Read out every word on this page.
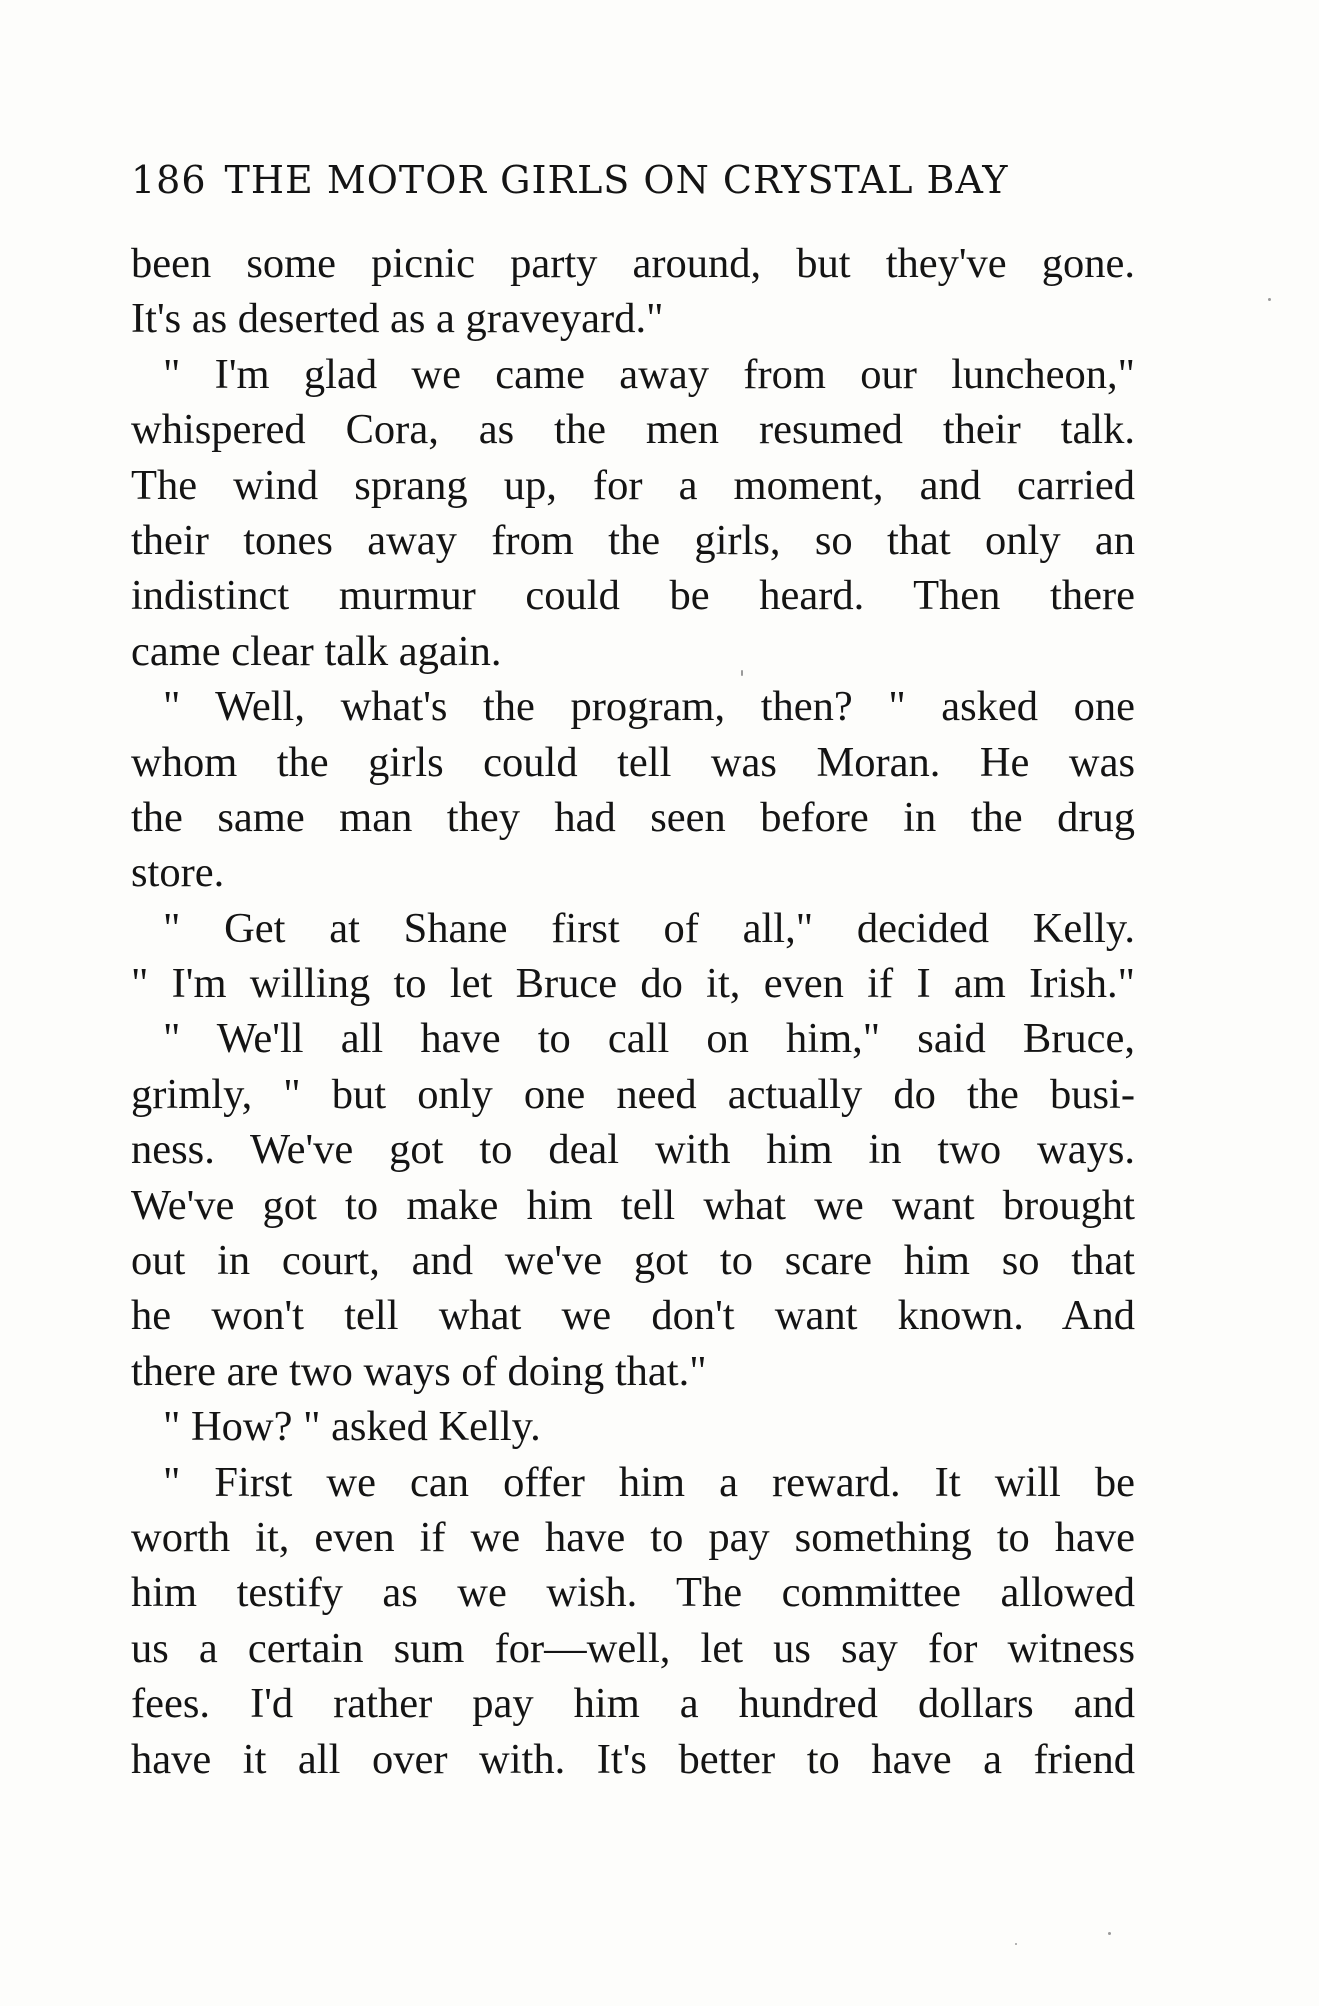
186 THE MOTOR GIRLS ON CRYSTAL BAY
been some picnic party around, but they've gone.
It's as deserted as a graveyard."
" I'm glad we came away from our luncheon,"
whispered Cora, as the men resumed their talk.
The wind sprang up, for a moment, and carried
their tones away from the girls, so that only an
indistinct murmur could be heard. Then there
came clear talk again.
" Well, what's the program, then? " asked one
whom the girls could tell was Moran. He was
the same man they had seen before in the drug
store.
" Get at Shane first of all," decided Kelly.
" I'm willing to let Bruce do it, even if I am Irish."
" We'll all have to call on him," said Bruce,
grimly, " but only one need actually do the busi-
ness. We've got to deal with him in two ways.
We've got to make him tell what we want brought
out in court, and we've got to scare him so that
he won't tell what we don't want known. And
there are two ways of doing that."
" How? " asked Kelly.
" First we can offer him a reward. It will be
worth it, even if we have to pay something to have
him testify as we wish. The committee allowed
us a certain sum for—well, let us say for witness
fees. I'd rather pay him a hundred dollars and
have it all over with. It's better to have a friend
